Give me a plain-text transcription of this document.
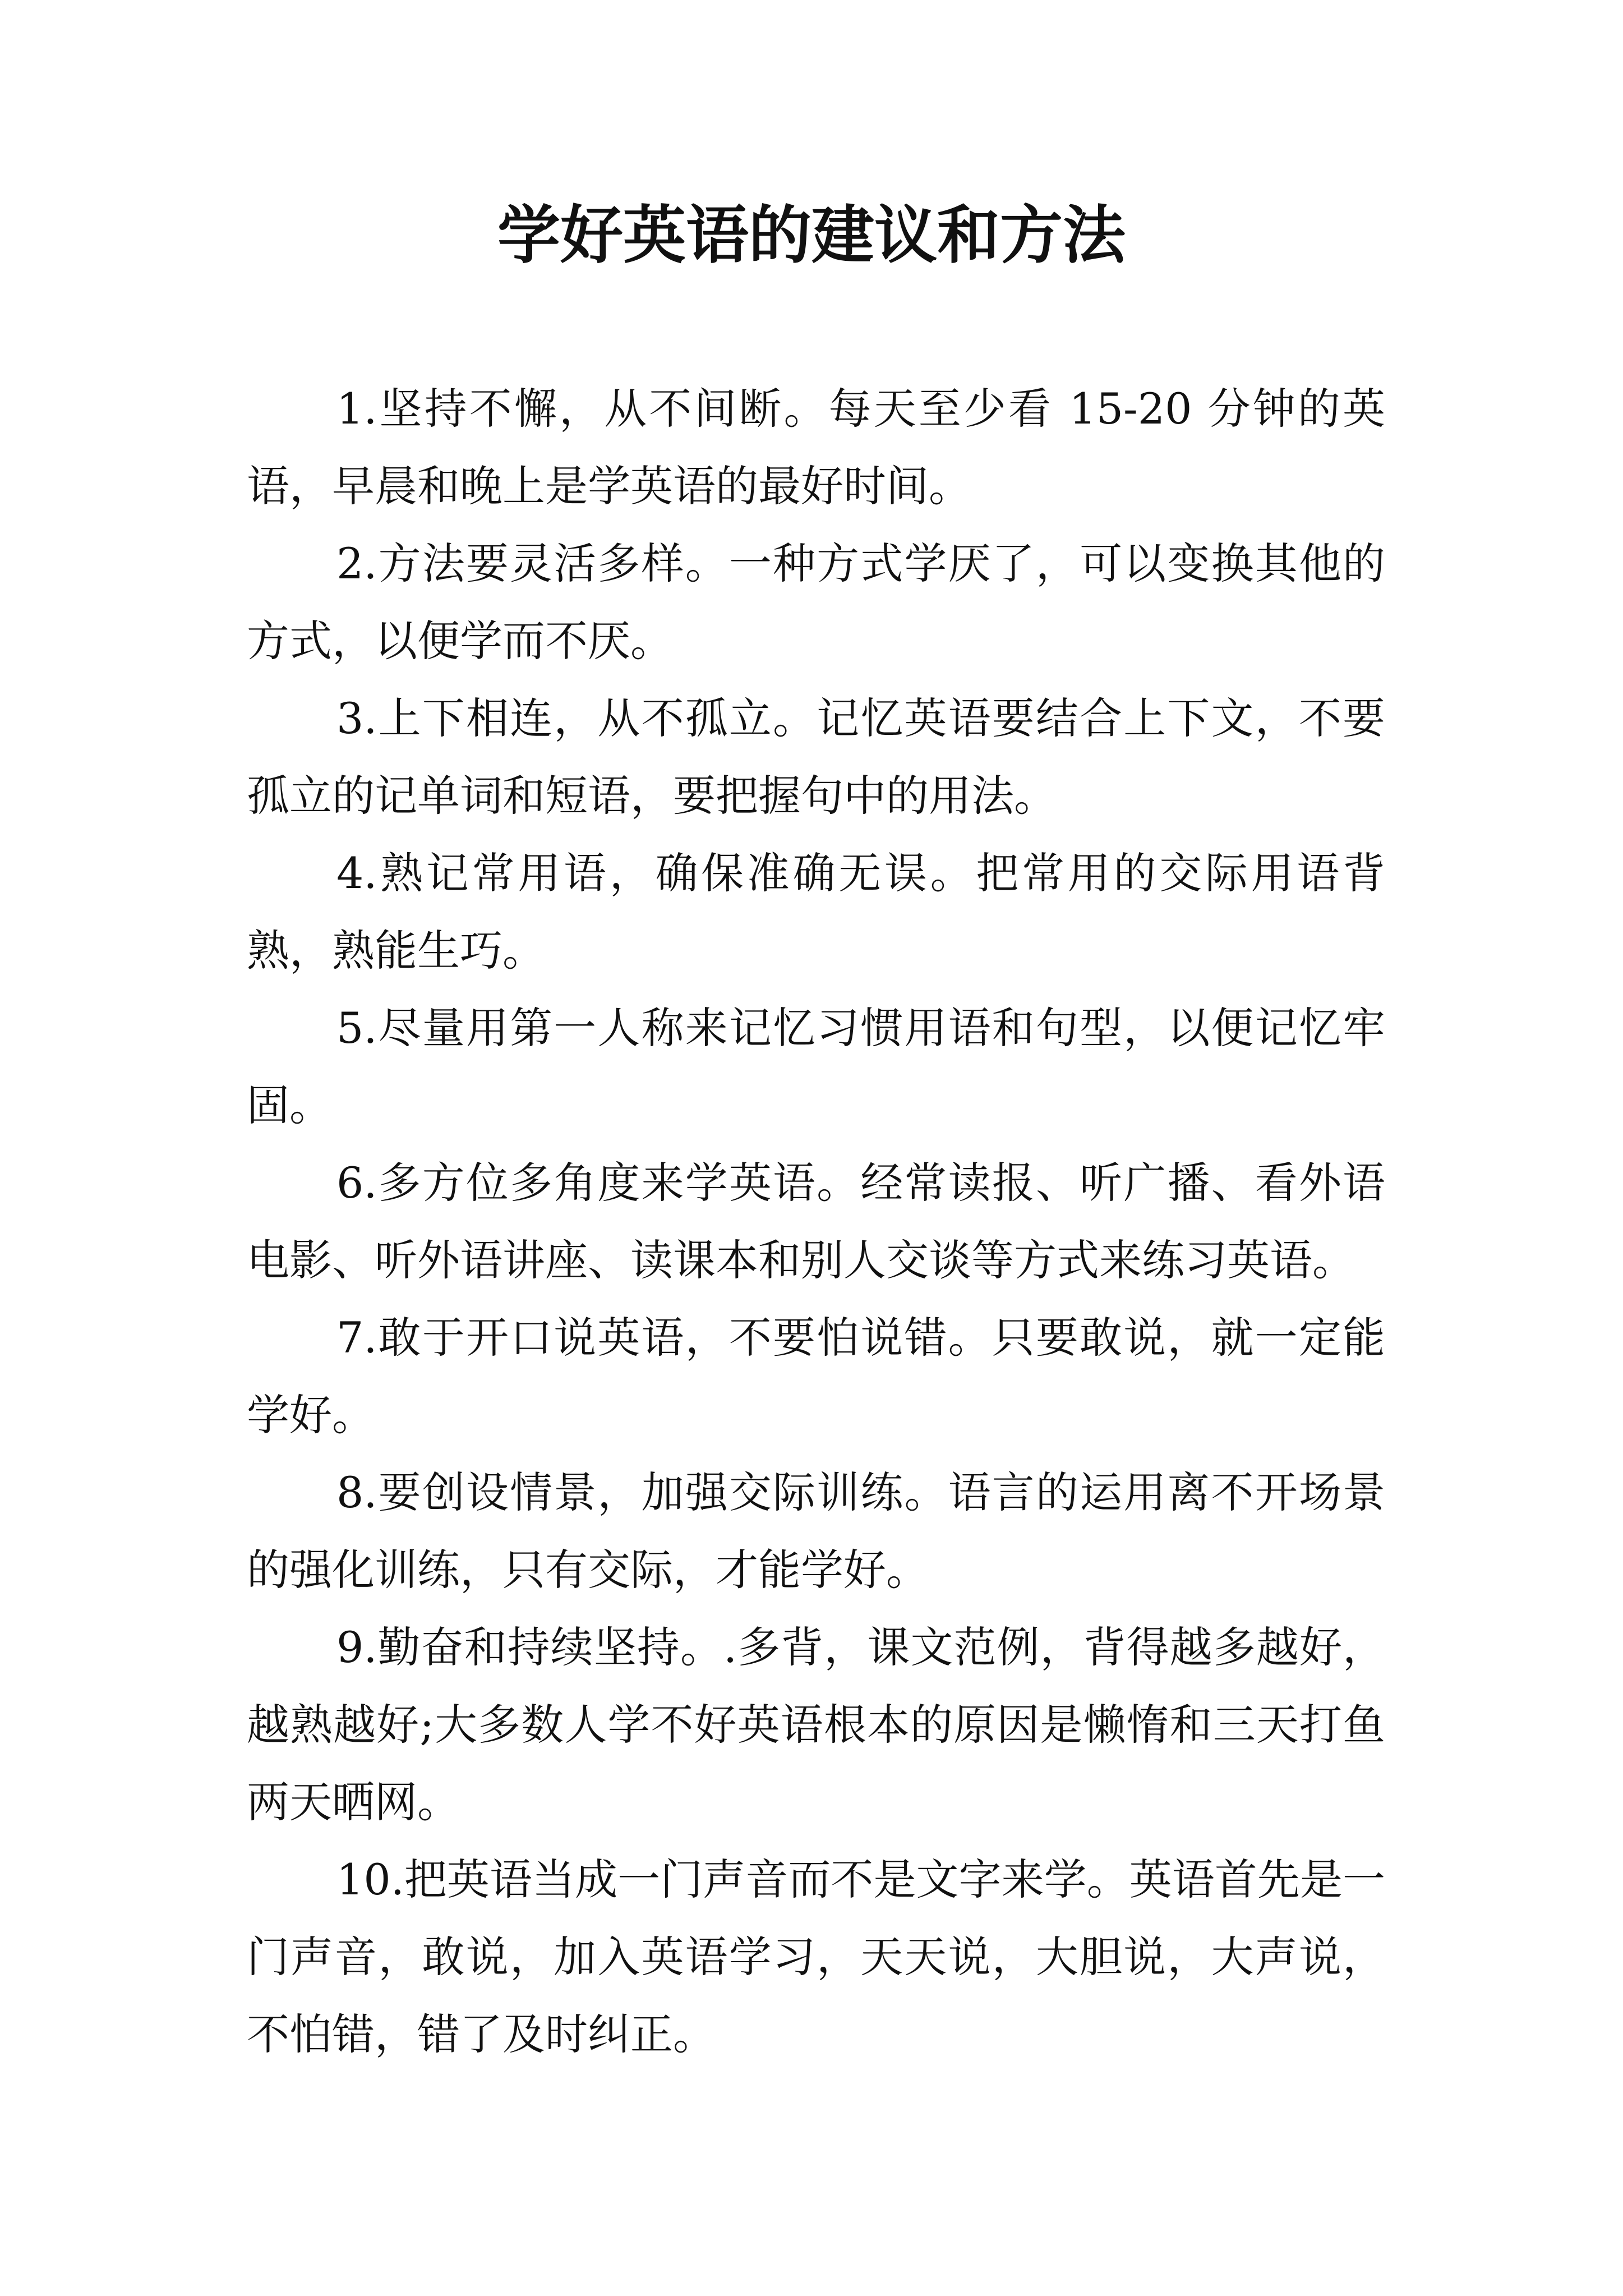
学好英语的建议和方法

1.坚持不懈，从不间断。每天至少看 15-20 分钟的英语，早晨和晚上是学英语的最好时间。

2.方法要灵活多样。一种方式学厌了，可以变换其他的方式，以便学而不厌。

3.上下相连，从不孤立。记忆英语要结合上下文，不要孤立的记单词和短语，要把握句中的用法。

4.熟记常用语，确保准确无误。把常用的交际用语背熟，熟能生巧。

5.尽量用第一人称来记忆习惯用语和句型，以便记忆牢固。

6.多方位多角度来学英语。经常读报、听广播、看外语电影、听外语讲座、读课本和别人交谈等方式来练习英语。

7.敢于开口说英语，不要怕说错。只要敢说，就一定能学好。

8.要创设情景，加强交际训练。语言的运用离不开场景的强化训练，只有交际，才能学好。

9.勤奋和持续坚持。.多背，课文范例，背得越多越好，越熟越好;大多数人学不好英语根本的原因是懒惰和三天打鱼两天晒网。

10.把英语当成一门声音而不是文字来学。英语首先是一门声音，敢说，加入英语学习，天天说，大胆说，大声说，不怕错，错了及时纠正。
